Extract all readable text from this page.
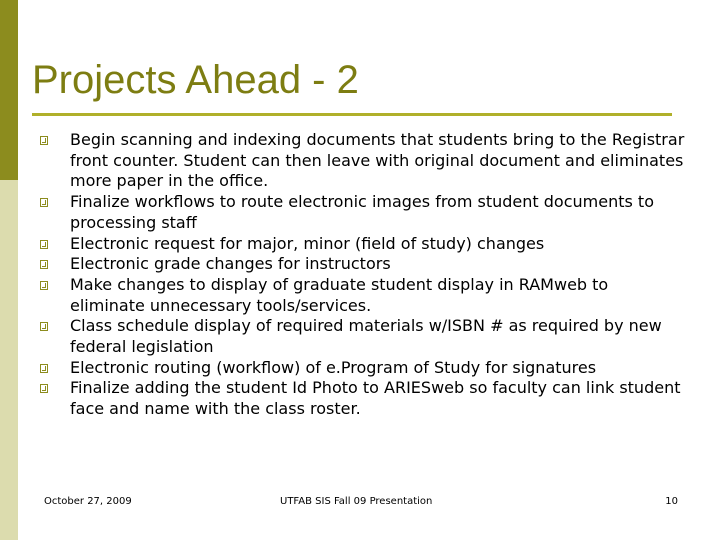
Projects Ahead - 2
Begin scanning and indexing documents that students bring to the Registrar front counter. Student can then leave with original document and eliminates more paper in the office.
Finalize workflows to route electronic images from student documents to processing staff
Electronic request for major, minor (field of study) changes
Electronic grade changes for instructors
Make changes to display of graduate student display in RAMweb to eliminate unnecessary tools/services.
Class schedule display of required materials w/ISBN # as required by new federal legislation
Electronic routing (workflow) of e.Program of Study for signatures
Finalize adding the student Id Photo to ARIESweb so faculty can link student face and name with the class roster.
October 27, 2009	UTFAB SIS Fall 09 Presentation	10
